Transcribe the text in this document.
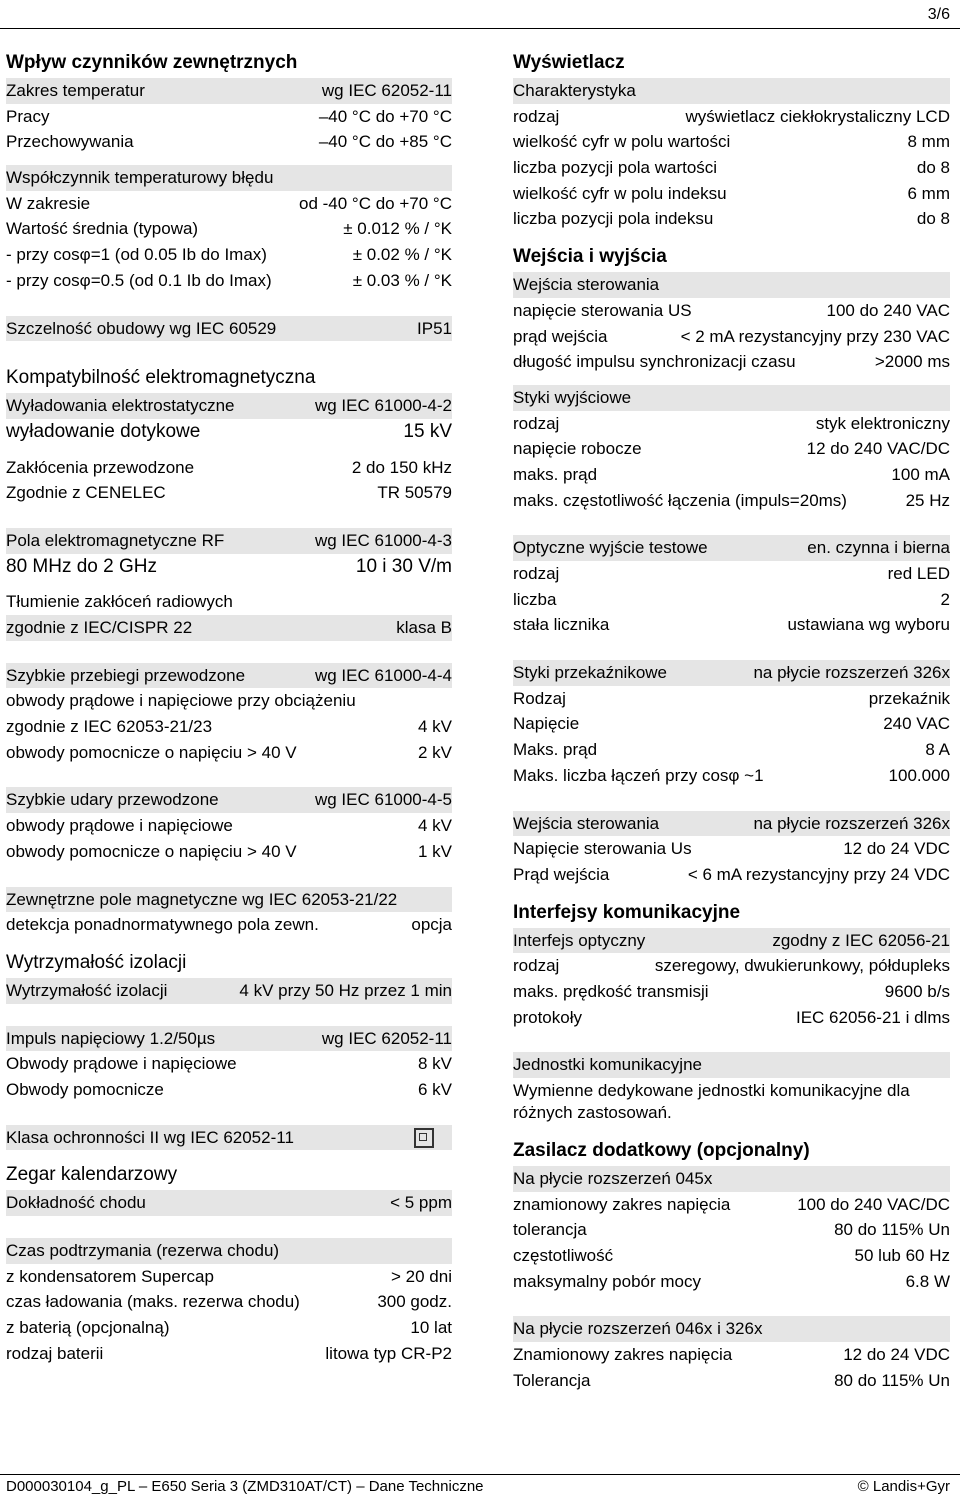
3/6
Wpływ czynników zewnętrznych
Zakres temperatur	wg IEC 62052-11
Pracy	–40 °C do +70 °C
Przechowywania	–40 °C do +85 °C
Współczynnik temperaturowy błędu
W zakresie	od -40 °C do +70 °C
Wartość średnia (typowa)	± 0.012 % / °K
- przy cosφ=1 (od 0.05 Ib do Imax)	± 0.02 % / °K
- przy cosφ=0.5 (od 0.1 Ib do Imax)	± 0.03 % / °K
Szczelność obudowy wg IEC 60529	IP51
Kompatybilność elektromagnetyczna
Wyładowania elektrostatyczne	wg IEC 61000-4-2
wyładowanie dotykowe	15 kV
Zakłócenia przewodzone	2 do 150 kHz
Zgodnie z CENELEC	TR 50579
Pola elektromagnetyczne RF	wg IEC 61000-4-3
80 MHz do 2 GHz	10 i 30 V/m
Tłumienie zakłóceń radiowych
zgodnie z IEC/CISPR 22	klasa B
Szybkie przebiegi przewodzone	wg IEC 61000-4-4
obwody prądowe i napięciowe przy obciążeniu
zgodnie z IEC 62053-21/23	4 kV
obwody pomocnicze o napięciu > 40 V	2 kV
Szybkie udary przewodzone	wg IEC 61000-4-5
obwody prądowe i napięciowe	4 kV
obwody pomocnicze o napięciu > 40 V	1 kV
Zewnętrzne pole magnetyczne wg IEC 62053-21/22
detekcja ponadnormatywnego pola zewn.	opcja
Wytrzymałość izolacji
Wytrzymałość izolacji	4 kV przy 50 Hz przez 1 min
Impuls napięciowy 1.2/50µs	wg IEC 62052-11
Obwody prądowe i napięciowe	8 kV
Obwody pomocnicze	6 kV
Klasa ochronności II wg IEC 62052-11
Zegar kalendarzowy
Dokładność chodu	< 5 ppm
Czas podtrzymania (rezerwa chodu)
z kondensatorem Supercap	> 20 dni
czas ładowania (maks. rezerwa chodu)	300 godz.
z baterią (opcjonalną)	10 lat
rodzaj baterii	litowa typ CR-P2
Wyświetlacz
Charakterystyka
rodzaj	wyświetlacz ciekłokrystaliczny LCD
wielkość cyfr w polu wartości	8 mm
liczba pozycji pola wartości	do 8
wielkość cyfr w polu indeksu	6 mm
liczba pozycji pola indeksu	do 8
Wejścia i wyjścia
Wejścia sterowania
napięcie sterowania US	100 do 240 VAC
prąd wejścia	< 2 mA rezystancyjny przy 230 VAC
długość impulsu synchronizacji czasu	>2000 ms
Styki wyjściowe
rodzaj	styk elektroniczny
napięcie robocze	12 do 240 VAC/DC
maks. prąd	100 mA
maks. częstotliwość łączenia (impuls=20ms)	25 Hz
Optyczne wyjście testowe	en. czynna i bierna
rodzaj	red LED
liczba	2
stała licznika	ustawiana wg wyboru
Styki przekaźnikowe	na płycie rozszerzeń 326x
Rodzaj	przekaźnik
Napięcie	240 VAC
Maks. prąd	8 A
Maks. liczba łączeń przy cosφ ~1	100.000
Wejścia sterowania	na płycie rozszerzeń 326x
Napięcie sterowania Us	12 do 24 VDC
Prąd wejścia	< 6 mA rezystancyjny przy 24 VDC
Interfejsy komunikacyjne
Interfejs optyczny	zgodny z IEC 62056-21
rodzaj	szeregowy, dwukierunkowy, półdupleks
maks. prędkość transmisji	9600 b/s
protokoły	IEC 62056-21 i dlms
Jednostki komunikacyjne
Wymienne dedykowane jednostki komunikacyjne dla różnych zastosowań.
Zasilacz dodatkowy (opcjonalny)
Na płycie rozszerzeń 045x
znamionowy zakres napięcia	100 do 240 VAC/DC
tolerancja	80 do 115% Un
częstotliwość	50 lub 60 Hz
maksymalny pobór mocy	6.8 W
Na płycie rozszerzeń 046x i 326x
Znamionowy zakres napięcia	12 do 24 VDC
Tolerancja	80 do 115% Un
D000030104_g_PL – E650 Seria 3 (ZMD310AT/CT) – Dane Techniczne	© Landis+Gyr
